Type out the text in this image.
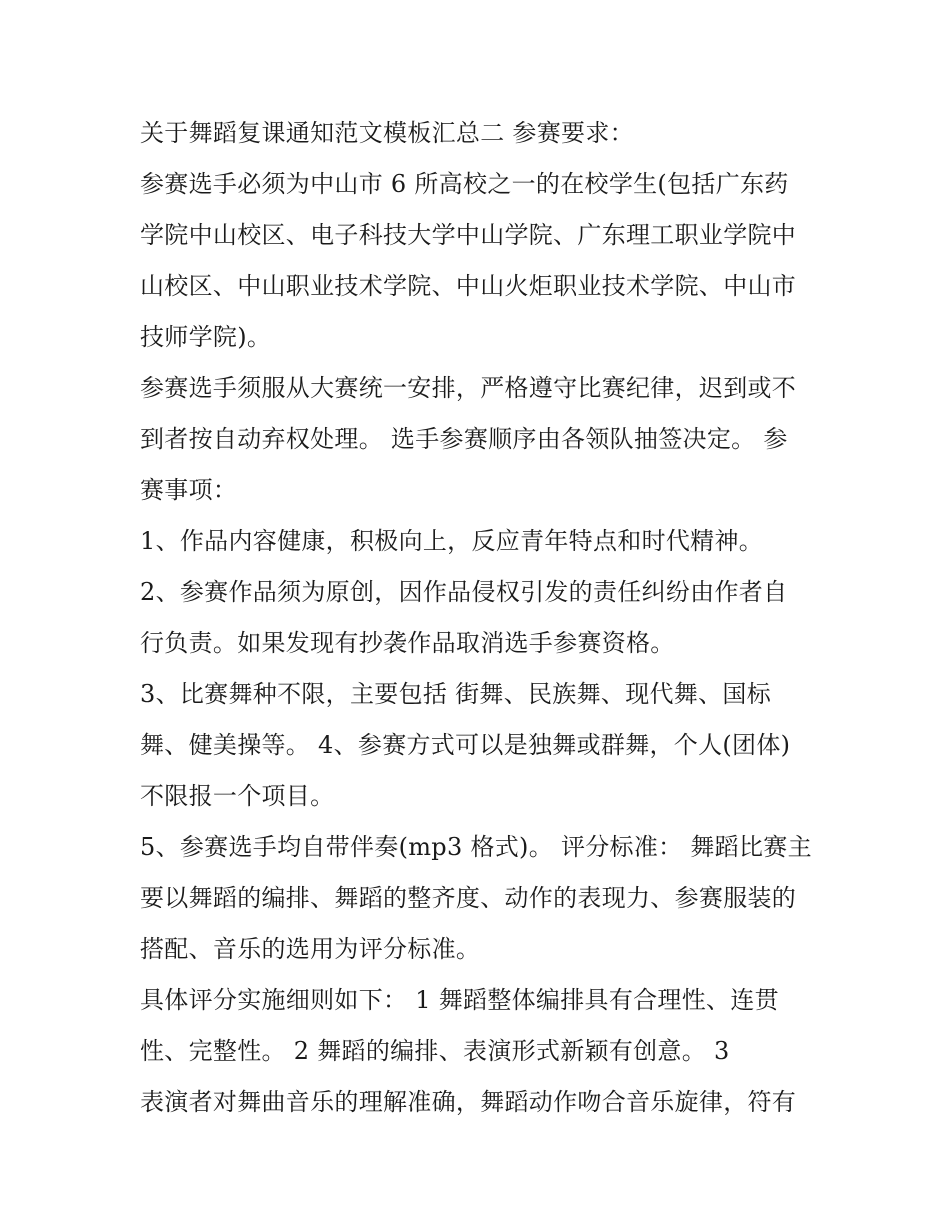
关于舞蹈复课通知范文模板汇总二 参赛要求：
参赛选手必须为中山市 6 所高校之一的在校学生(包括广东药
学院中山校区、电子科技大学中山学院、广东理工职业学院中
山校区、中山职业技术学院、中山火炬职业技术学院、中山市
技师学院)。
参赛选手须服从大赛统一安排，严格遵守比赛纪律，迟到或不
到者按自动弃权处理。 选手参赛顺序由各领队抽签决定。 参
赛事项：
1、作品内容健康，积极向上，反应青年特点和时代精神。
2、参赛作品须为原创，因作品侵权引发的责任纠纷由作者自
行负责。如果发现有抄袭作品取消选手参赛资格。
3、比赛舞种不限，主要包括 街舞、民族舞、现代舞、国标
舞、健美操等。 4、参赛方式可以是独舞或群舞，个人(团体)
不限报一个项目。
5、参赛选手均自带伴奏(mp3 格式)。 评分标准： 舞蹈比赛主
要以舞蹈的编排、舞蹈的整齐度、动作的表现力、参赛服装的
搭配、音乐的选用为评分标准。
具体评分实施细则如下： 1 舞蹈整体编排具有合理性、连贯
性、完整性。 2 舞蹈的编排、表演形式新颖有创意。 3
表演者对舞曲音乐的理解准确，舞蹈动作吻合音乐旋律，符有
